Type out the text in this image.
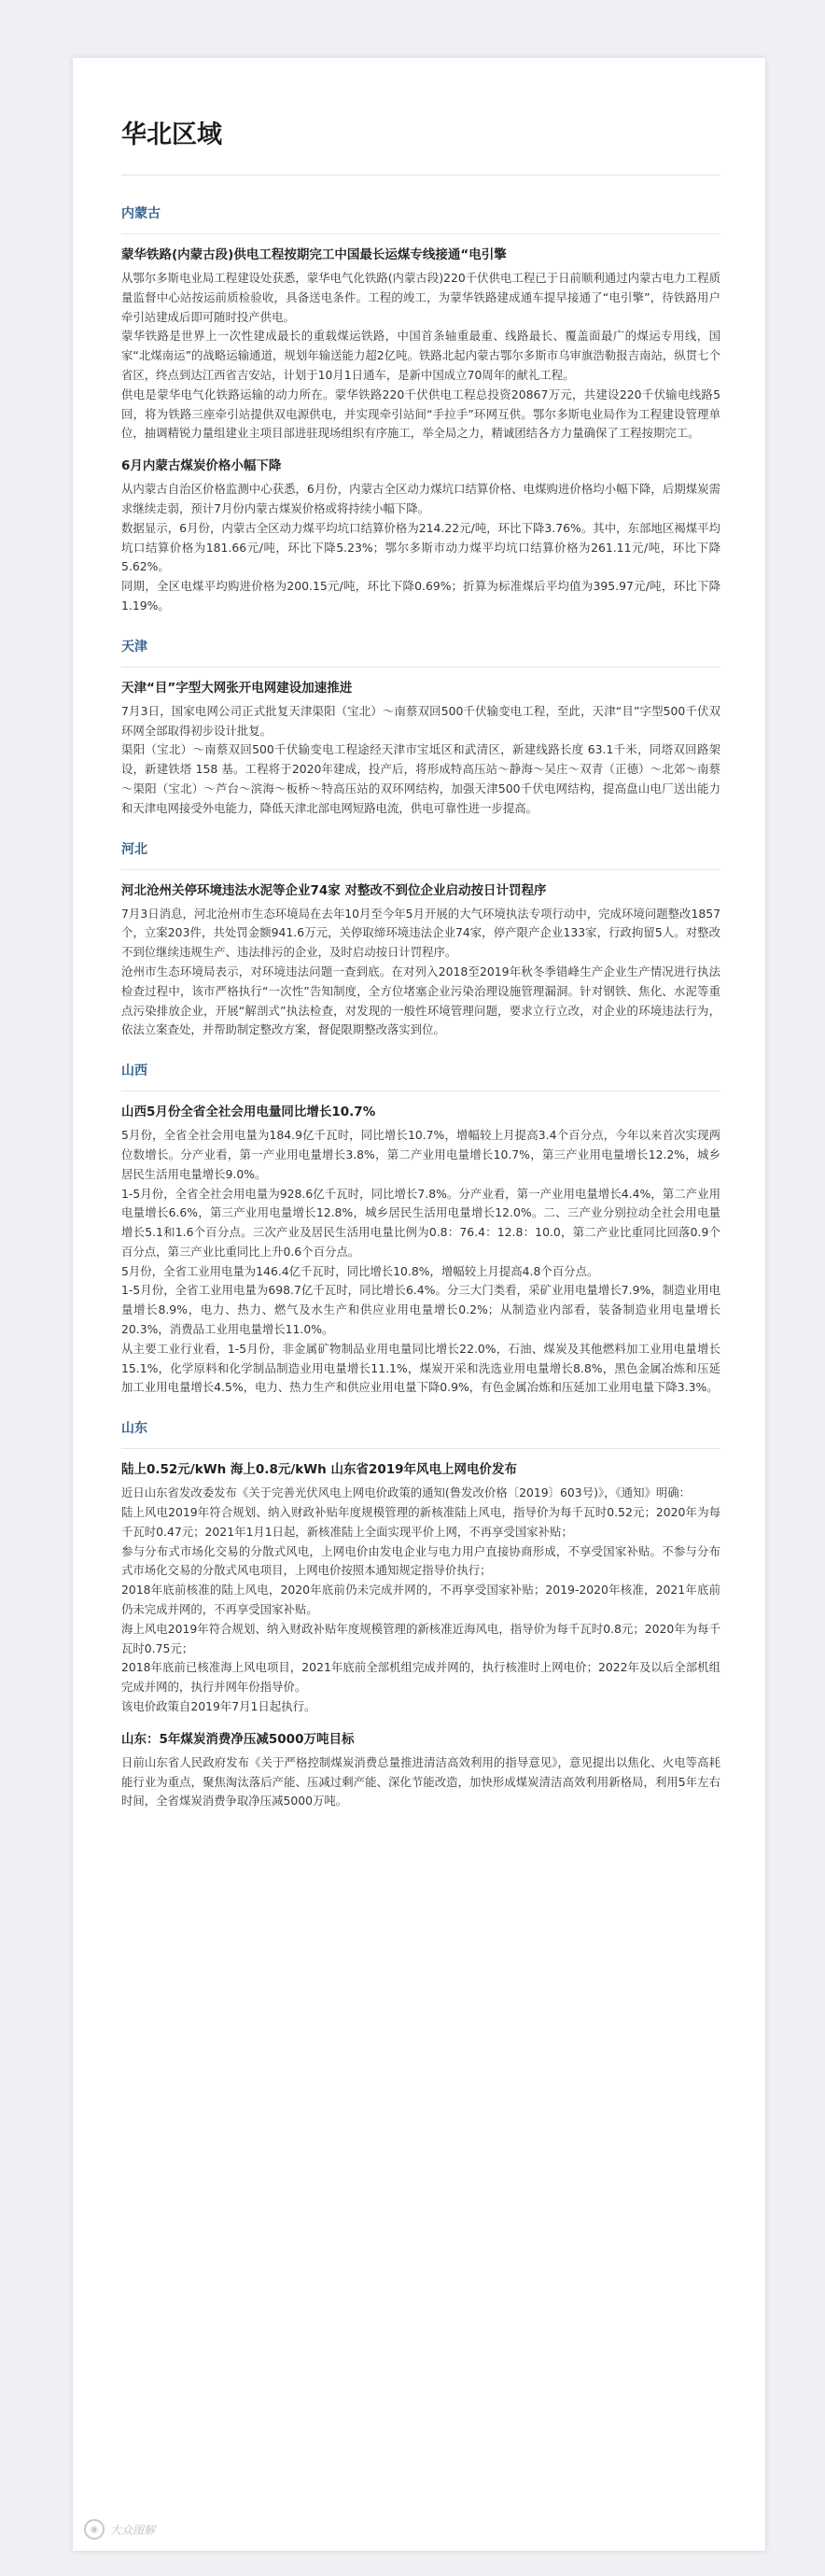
华北区域
内蒙古
蒙华铁路(内蒙古段)供电工程按期完工中国最长运煤专线接通“电引擎

从鄂尔多斯电业局工程建设处获悉，蒙华电气化铁路(内蒙古段)220千伏供电工程已于日前顺利通过内蒙古电力工程质量监督中心站按运前质检验收，具备送电条件。工程的竣工，为蒙华铁路建成通车提早接通了“电引擎”，待铁路用户牵引站建成后即可随时投产供电。

蒙华铁路是世界上一次性建成最长的重载煤运铁路，中国首条轴重最重、线路最长、覆盖面最广的煤运专用线，国家“北煤南运”的战略运输通道，规划年输送能力超2亿吨。铁路北起内蒙古鄂尔多斯市乌审旗浩勒报吉南站，纵贯七个省区，终点到达江西省吉安站，计划于10月1日通车，是新中国成立70周年的献礼工程。

供电是蒙华电气化铁路运输的动力所在。蒙华铁路220千伏供电工程总投资20867万元，共建设220千伏输电线路5回，将为铁路三座牵引站提供双电源供电，并实现牵引站间“手拉手”环网互供。鄂尔多斯电业局作为工程建设管理单位，抽调精锐力量组建业主项目部进驻现场组织有序施工，举全局之力，精诚团结各方力量确保了工程按期完工。

6月内蒙古煤炭价格小幅下降

从内蒙古自治区价格监测中心获悉，6月份，内蒙古全区动力煤坑口结算价格、电煤购进价格均小幅下降，后期煤炭需求继续走弱，预计7月份内蒙古煤炭价格或将持续小幅下降。

数据显示，6月份，内蒙古全区动力煤平均坑口结算价格为214.22元/吨，环比下降3.76%。其中，东部地区褐煤平均坑口结算价格为181.66元/吨，环比下降5.23%；鄂尔多斯市动力煤平均坑口结算价格为261.11元/吨，环比下降5.62%。

同期，全区电煤平均购进价格为200.15元/吨，环比下降0.69%；折算为标准煤后平均值为395.97元/吨，环比下降1.19%。

天津
天津“目”字型大网张开电网建设加速推进

7月3日，国家电网公司正式批复天津渠阳（宝北）～南蔡双回500千伏输变电工程，至此，天津“目”字型500千伏双环网全部取得初步设计批复。

渠阳（宝北）～南蔡双回500千伏输变电工程途经天津市宝坻区和武清区，新建线路长度 63.1千米，同塔双回路架设，新建铁塔 158 基。工程将于2020年建成，投产后，将形成特高压站～静海～吴庄～双青（正德）～北郊～南蔡～渠阳（宝北）～芦台～滨海～板桥～特高压站的双环网结构，加强天津500千伏电网结构，提高盘山电厂送出能力和天津电网接受外电能力，降低天津北部电网短路电流，供电可靠性进一步提高。

河北
河北沧州关停环境违法水泥等企业74家 对整改不到位企业启动按日计罚程序

7月3日消息，河北沧州市生态环境局在去年10月至今年5月开展的大气环境执法专项行动中，完成环境问题整改1857个，立案203件，共处罚金额941.6万元，关停取缔环境违法企业74家，停产限产企业133家，行政拘留5人。对整改不到位继续违规生产、违法排污的企业，及时启动按日计罚程序。

沧州市生态环境局表示，对环境违法问题一查到底。在对列入2018至2019年秋冬季错峰生产企业生产情况进行执法检查过程中，该市严格执行“一次性”告知制度，全方位堵塞企业污染治理设施管理漏洞。针对钢铁、焦化、水泥等重点污染排放企业，开展“解剖式”执法检查，对发现的一般性环境管理问题，要求立行立改，对企业的环境违法行为，依法立案查处，并帮助制定整改方案，督促限期整改落实到位。

山西
山西5月份全省全社会用电量同比增长10.7%

5月份，全省全社会用电量为184.9亿千瓦时，同比增长10.7%，增幅较上月提高3.4个百分点，今年以来首次实现两位数增长。分产业看，第一产业用电量增长3.8%，第二产业用电量增长10.7%，第三产业用电量增长12.2%，城乡居民生活用电量增长9.0%。

1-5月份，全省全社会用电量为928.6亿千瓦时，同比增长7.8%。分产业看，第一产业用电量增长4.4%，第二产业用电量增长6.6%，第三产业用电量增长12.8%，城乡居民生活用电量增长12.0%。二、三产业分别拉动全社会用电量增长5.1和1.6个百分点。三次产业及居民生活用电量比例为0.8：76.4：12.8：10.0，第二产业比重同比回落0.9个百分点，第三产业比重同比上升0.6个百分点。

5月份，全省工业用电量为146.4亿千瓦时，同比增长10.8%，增幅较上月提高4.8个百分点。

1-5月份，全省工业用电量为698.7亿千瓦时，同比增长6.4%。分三大门类看，采矿业用电量增长7.9%，制造业用电量增长8.9%，电力、热力、燃气及水生产和供应业用电量增长0.2%；从制造业内部看，装备制造业用电量增长20.3%，消费品工业用电量增长11.0%。

从主要工业行业看，1-5月份，非金属矿物制品业用电量同比增长22.0%，石油、煤炭及其他燃料加工业用电量增长15.1%，化学原料和化学制品制造业用电量增长11.1%，煤炭开采和洗选业用电量增长8.8%，黑色金属冶炼和压延加工业用电量增长4.5%，电力、热力生产和供应业用电量下降0.9%，有色金属冶炼和压延加工业用电量下降3.3%。

山东
陆上0.52元/kWh 海上0.8元/kWh 山东省2019年风电上网电价发布

近日山东省发改委发布《关于完善光伏风电上网电价政策的通知(鲁发改价格〔2019〕603号)》，《通知》明确：

陆上风电2019年符合规划、纳入财政补贴年度规模管理的新核准陆上风电，指导价为每千瓦时0.52元；2020年为每千瓦时0.47元；2021年1月1日起，新核准陆上全面实现平价上网，不再享受国家补贴；

参与分布式市场化交易的分散式风电，上网电价由发电企业与电力用户直接协商形成，不享受国家补贴。不参与分布式市场化交易的分散式风电项目，上网电价按照本通知规定指导价执行；

2018年底前核准的陆上风电，2020年底前仍未完成并网的，不再享受国家补贴；2019-2020年核准，2021年底前仍未完成并网的，不再享受国家补贴。

海上风电2019年符合规划、纳入财政补贴年度规模管理的新核准近海风电，指导价为每千瓦时0.8元；2020年为每千瓦时0.75元；

2018年底前已核准海上风电项目，2021年底前全部机组完成并网的，执行核准时上网电价；2022年及以后全部机组完成并网的，执行并网年份指导价。

该电价政策自2019年7月1日起执行。

山东：5年煤炭消费净压减5000万吨目标

日前山东省人民政府发布《关于严格控制煤炭消费总量推进清洁高效利用的指导意见》，意见提出以焦化、火电等高耗能行业为重点，聚焦淘汰落后产能、压减过剩产能、深化节能改造，加快形成煤炭清洁高效利用新格局，利用5年左右时间，全省煤炭消费争取净压减5000万吨。

◉	大众图解
